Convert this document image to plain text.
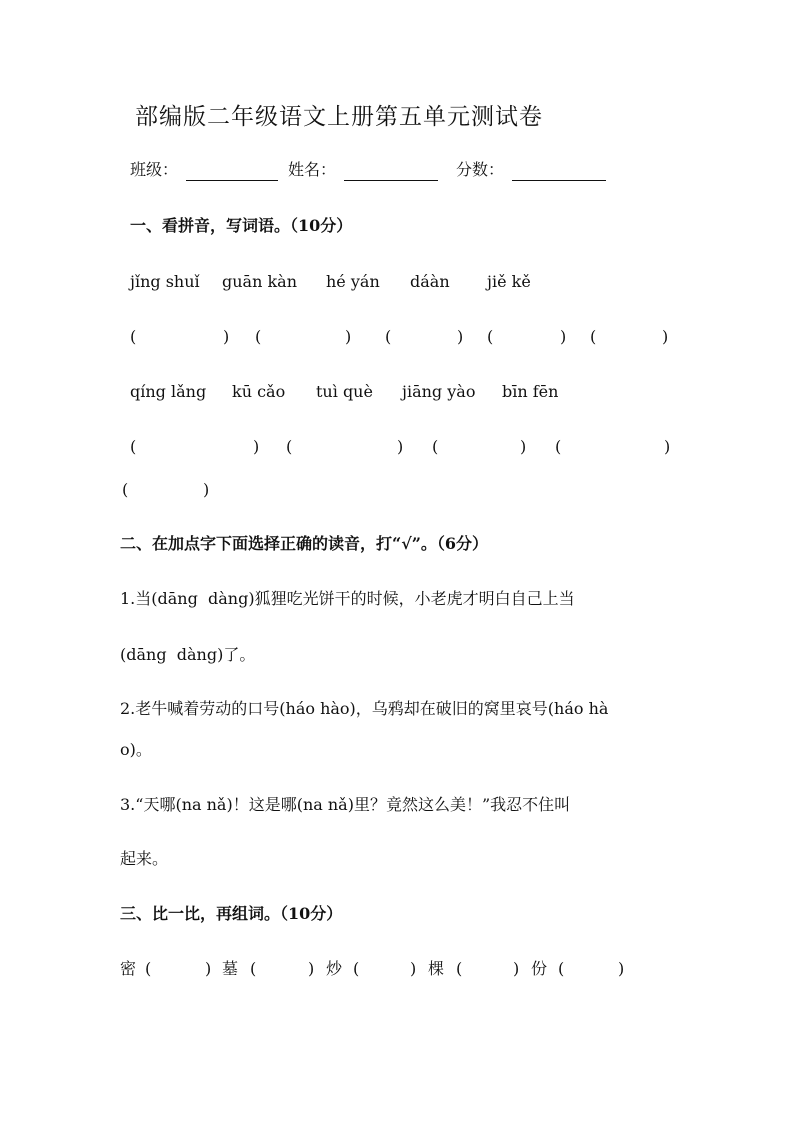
部编版二年级语文上册第五单元测试卷
班级：	姓名：	分数：
一、看拼音，写词语。（10分）
jǐng shuǐ guān kàn hé yán dáàn jiě kě
(	) (	) (	) (	) (	)
qíng lǎng kū cǎo tuì què jiāng yào bīn fēn
(	) (	) (	) (	)
(	)
二、在加点字下面选择正确的读音，打“√”。（6分）
1.当(dāng  dàng)狐狸吃光饼干的时候，小老虎才明白自己上当
(dāng  dàng)了。
2.老牛喊着劳动的口号(háo hào)，乌鸦却在破旧的窝里哀号(háo hà
o)。
3.“天哪(na nǎ)！这是哪(na nǎ)里？竟然这么美！”我忍不住叫
起来。
三、比一比，再组词。（10分）
密 (	) 墓 (	) 炒 (	) 棵 (	) 份 (	)
